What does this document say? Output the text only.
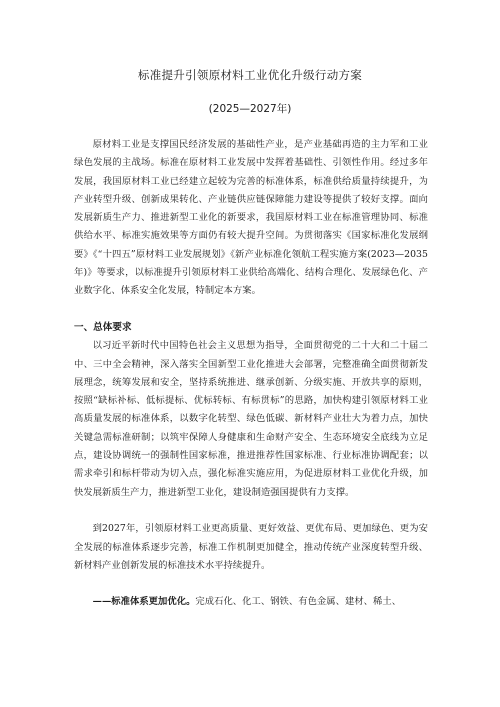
标准提升引领原材料工业优化升级行动方案
(2025—2027年)

原材料工业是支撑国民经济发展的基础性产业，是产业基础再造的主力军和工业绿色发展的主战场。标准在原材料工业发展中发挥着基础性、引领性作用。经过多年发展，我国原材料工业已经建立起较为完善的标准体系，标准供给质量持续提升，为产业转型升级、创新成果转化、产业链供应链保障能力建设等提供了较好支撑。面向发展新质生产力、推进新型工业化的新要求，我国原材料工业在标准管理协同、标准供给水平、标准实施效果等方面仍有较大提升空间。为贯彻落实《国家标准化发展纲要》《“十四五”原材料工业发展规划》《新产业标准化领航工程实施方案(2023—2035年)》等要求，以标准提升引领原材料工业供给高端化、结构合理化、发展绿色化、产业数字化、体系安全化发展，特制定本方案。

一、总体要求

以习近平新时代中国特色社会主义思想为指导，全面贯彻党的二十大和二十届二中、三中全会精神，深入落实全国新型工业化推进大会部署，完整准确全面贯彻新发展理念，统筹发展和安全，坚持系统推进、继承创新、分级实施、开放共享的原则，按照“缺标补标、低标提标、优标转标、有标贯标”的思路，加快构建引领原材料工业高质量发展的标准体系，以数字化转型、绿色低碳、新材料产业壮大为着力点，加快关键急需标准研制；以筑牢保障人身健康和生命财产安全、生态环境安全底线为立足点，建设协调统一的强制性国家标准，推进推荐性国家标准、行业标准协调配套；以需求牵引和标杆带动为切入点，强化标准实施应用，为促进原材料工业优化升级，加快发展新质生产力，推进新型工业化，建设制造强国提供有力支撑。

到2027年，引领原材料工业更高质量、更好效益、更优布局、更加绿色、更为安全发展的标准体系逐步完善，标准工作机制更加健全，推动传统产业深度转型升级、新材料产业创新发展的标准技术水平持续提升。

——标准体系更加优化。完成石化、化工、钢铁、有色金属、建材、稀土、
